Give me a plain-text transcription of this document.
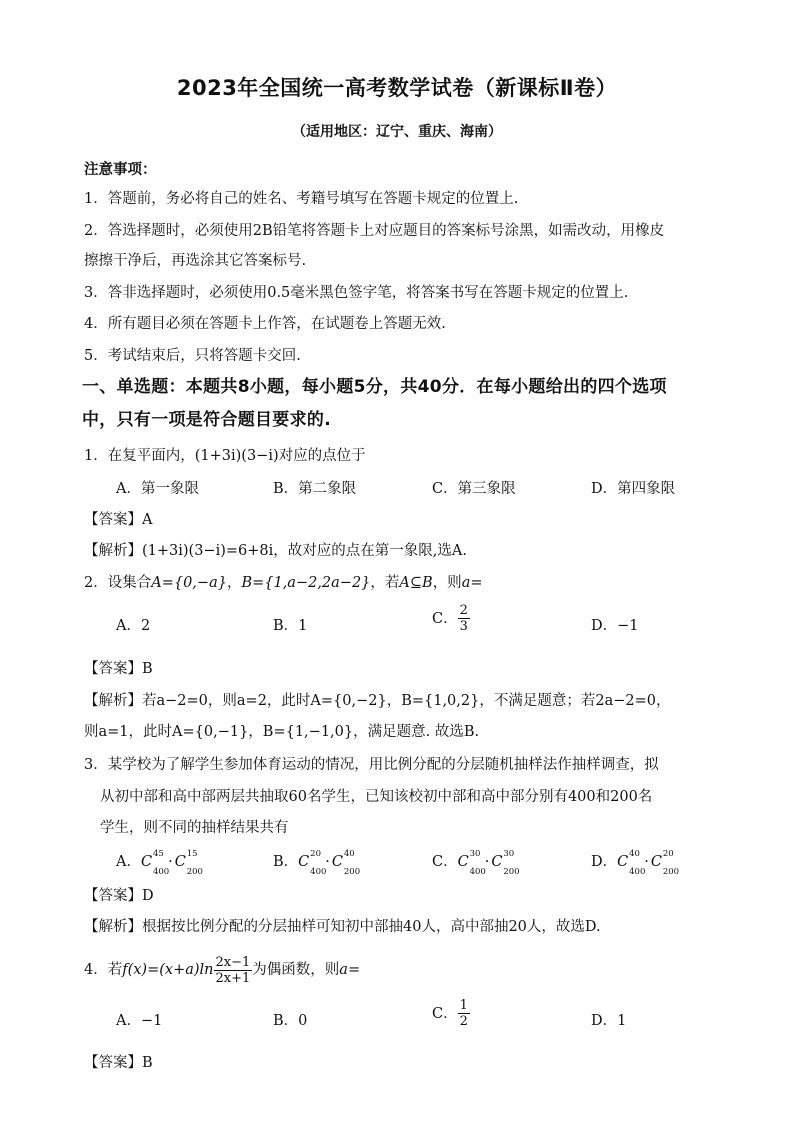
2023年全国统一高考数学试卷（新课标Ⅱ卷）
（适用地区：辽宁、重庆、海南）
注意事项：
1．答题前，务必将自己的姓名、考籍号填写在答题卡规定的位置上.
2．答选择题时，必须使用2B铅笔将答题卡上对应题目的答案标号涂黑，如需改动，用橡皮
擦擦干净后，再选涂其它答案标号.
3．答非选择题时，必须使用0.5毫米黑色签字笔，将答案书写在答题卡规定的位置上.
4．所有题目必须在答题卡上作答，在试题卷上答题无效.
5．考试结束后，只将答题卡交回.
一、单选题：本题共8小题，每小题5分，共40分．在每小题给出的四个选项
中，只有一项是符合题目要求的.
1．在复平面内，(1+3i)(3−i)对应的点位于
A．第一象限	B．第二象限	C．第三象限	D．第四象限
【答案】A
【解析】(1+3i)(3−i)=6+8i，故对应的点在第一象限,选A.
2．设集合A={0,−a}，B={1,a−2,2a−2}，若A⊆B，则a=
A．2	B．1	C． $\frac{2}{3}$	D．−1
【答案】B
【解析】若a−2=0，则a=2，此时A={0,−2}，B={1,0,2}，不满足题意；若2a−2=0，
则a=1，此时A={0,−1}，B={1,−1,0}，满足题意. 故选B.
3．某学校为了解学生参加体育运动的情况，用比例分配的分层随机抽样法作抽样调查，拟
从初中部和高中部两层共抽取60名学生，已知该校初中部和高中部分别有400和200名
学生，则不同的抽样结果共有
A．C 45
400
· C 15
200
B．C 20
400
· C 40
200
C．C 30
400
· C 30
200
D．C 40
400
· C 20
200
【答案】D
【解析】根据按比例分配的分层抽样可知初中部抽40人，高中部抽20人，故选D.
4．若$f(x)=(x+a)\ln \frac{2x-1}{2x+1}$ 为偶函数，则a=
A．−1	B．0	C． $\frac{1}{2}$	D．1
【答案】B
